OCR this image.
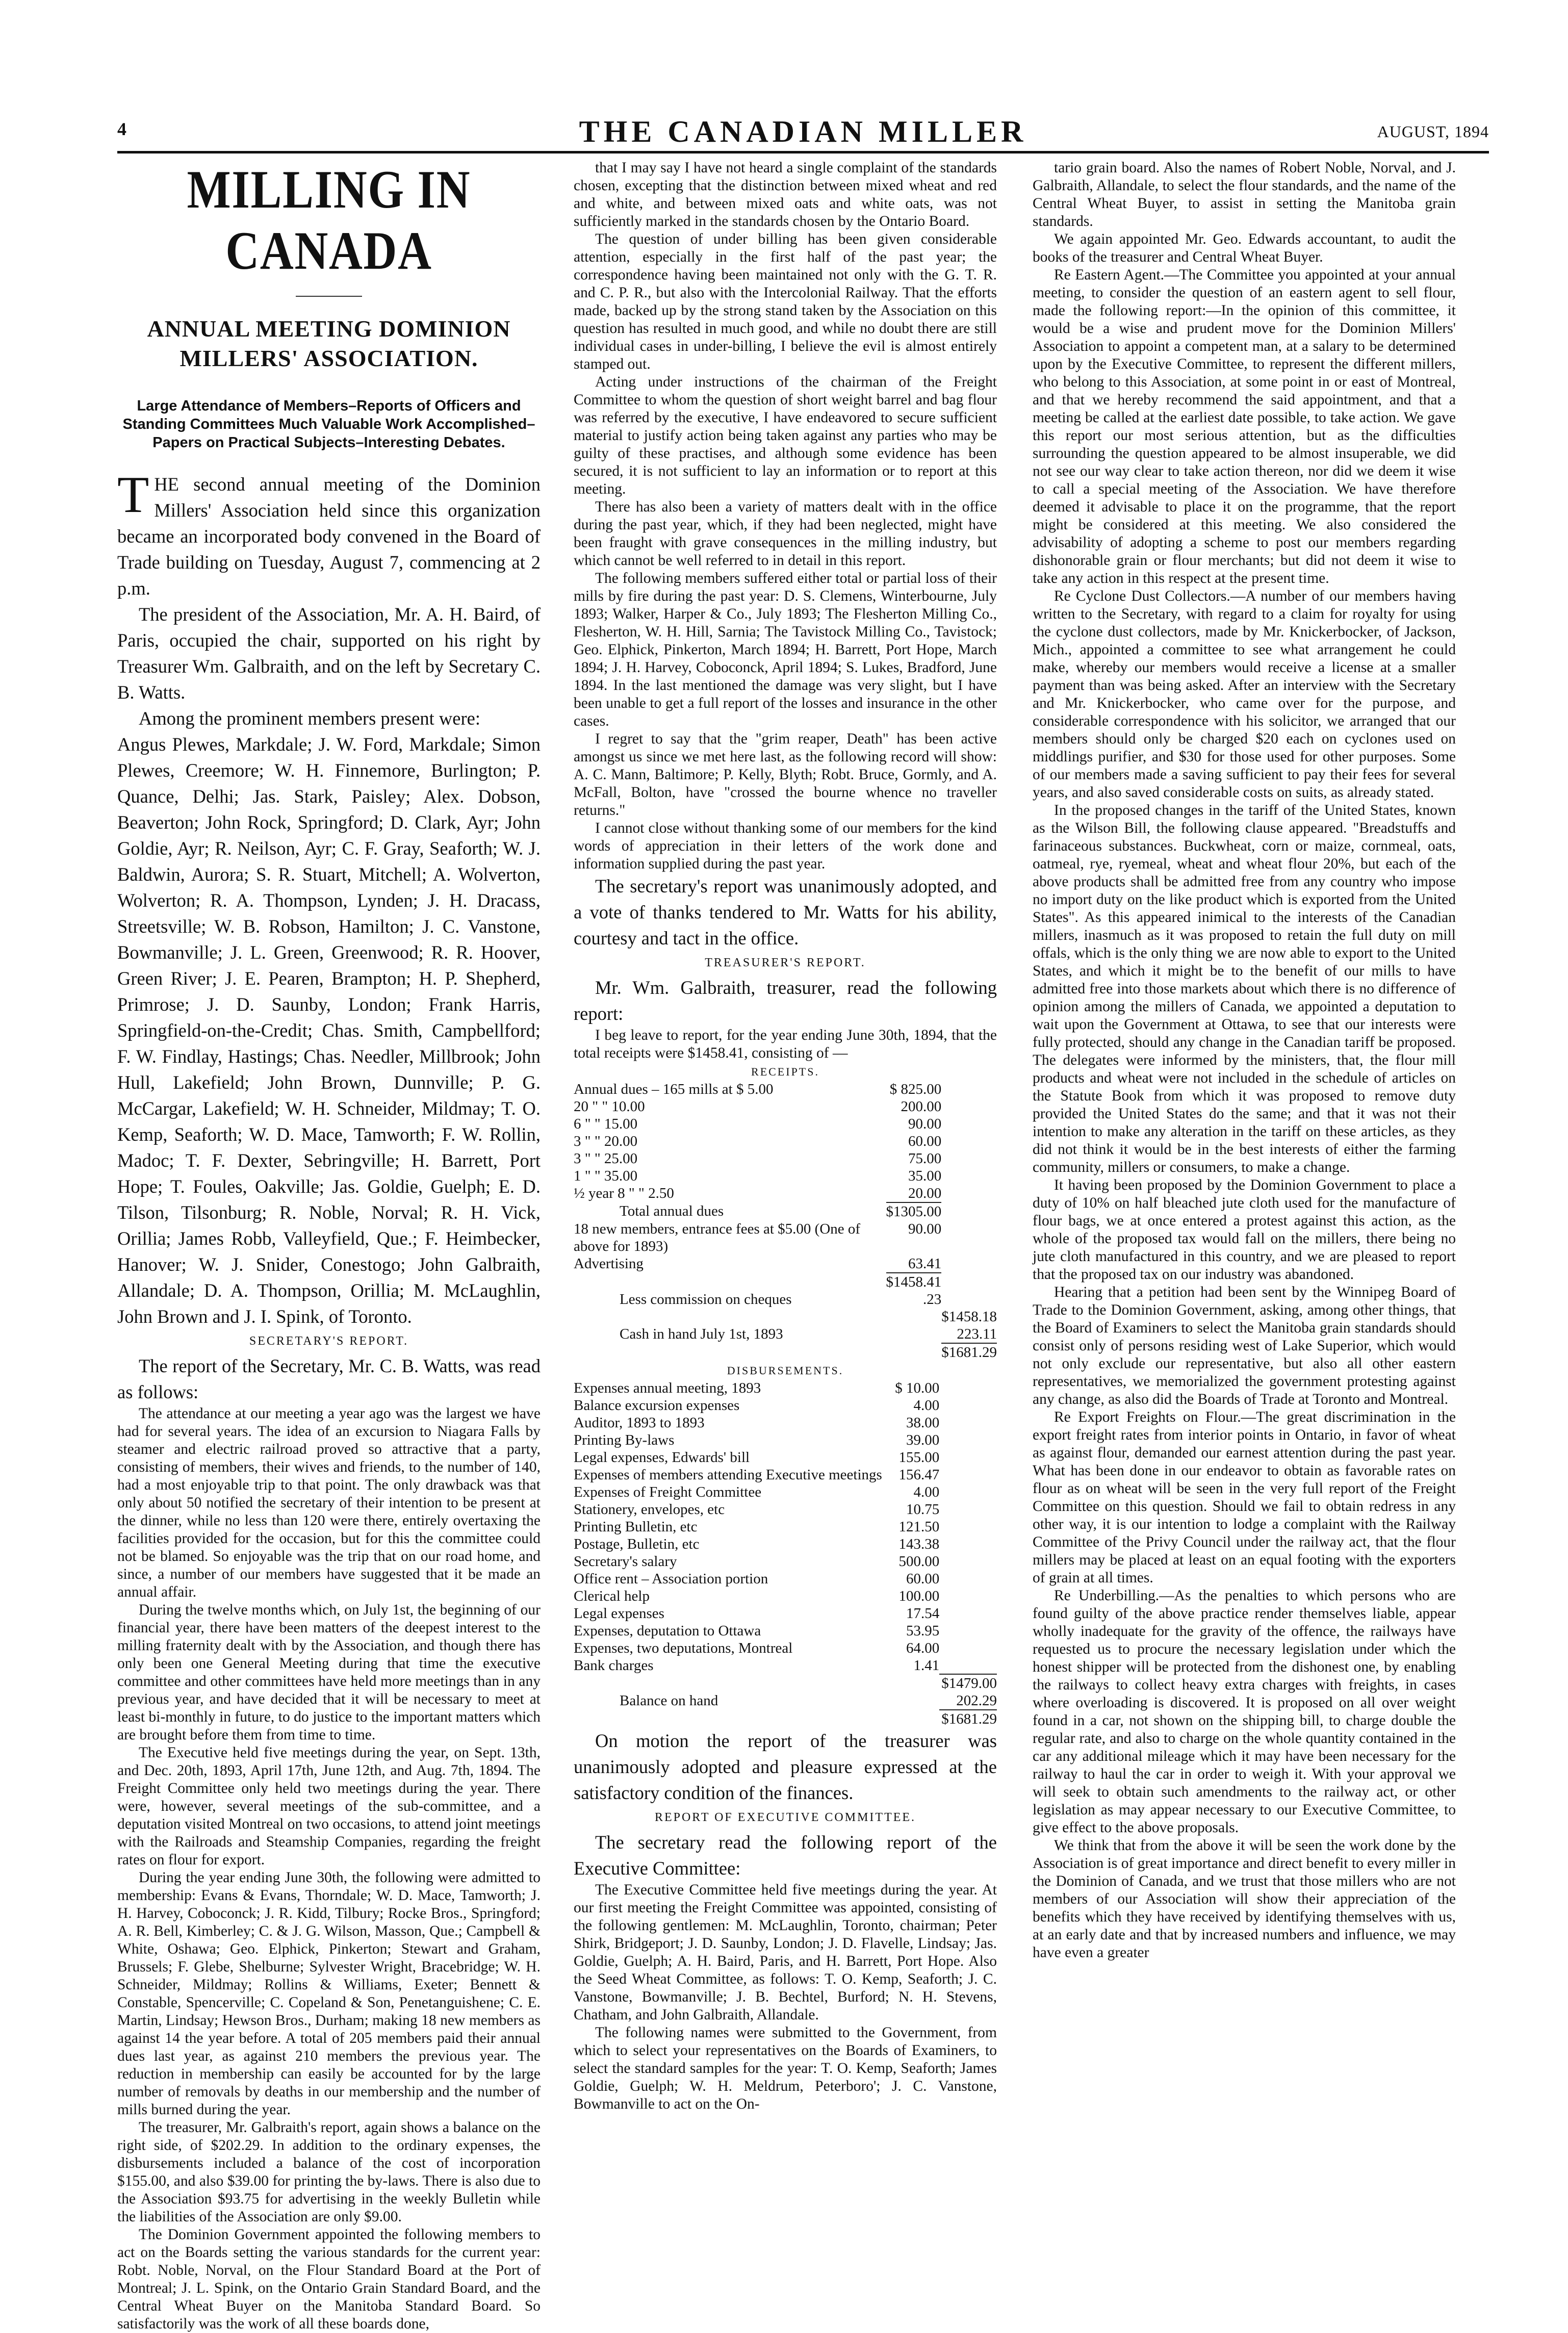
4	THE CANADIAN MILLER	AUGUST, 1894
MILLING IN CANADA
ANNUAL MEETING DOMINION MILLERS' ASSOCIATION.

Large Attendance of Members–Reports of Officers and Standing Committees Much Valuable Work Accomplished–Papers on Practical Subjects–Interesting Debates.

THE second annual meeting of the Dominion Millers' Association held since this organization became an incorporated body convened in the Board of Trade building on Tuesday, August 7, commencing at 2 p.m.

The president of the Association, Mr. A. H. Baird, of Paris, occupied the chair, supported on his right by Treasurer Wm. Galbraith, and on the left by Secretary C. B. Watts.

Among the prominent members present were:

Angus Plewes, Markdale; J. W. Ford, Markdale; Simon Plewes, Creemore; W. H. Finnemore, Burlington; P. Quance, Delhi; Jas. Stark, Paisley; Alex. Dobson, Beaverton; John Rock, Springford; D. Clark, Ayr; John Goldie, Ayr; R. Neilson, Ayr; C. F. Gray, Seaforth; W. J. Baldwin, Aurora; S. R. Stuart, Mitchell; A. Wolverton, Wolverton; R. A. Thompson, Lynden; J. H. Dracass, Streetsville; W. B. Robson, Hamilton; J. C. Vanstone, Bowmanville; J. L. Green, Greenwood; R. R. Hoover, Green River; J. E. Pearen, Brampton; H. P. Shepherd, Primrose; J. D. Saunby, London; Frank Harris, Springfield-on-the-Credit; Chas. Smith, Campbellford; F. W. Findlay, Hastings; Chas. Needler, Millbrook; John Hull, Lakefield; John Brown, Dunnville; P. G. McCargar, Lakefield; W. H. Schneider, Mildmay; T. O. Kemp, Seaforth; W. D. Mace, Tamworth; F. W. Rollin, Madoc; T. F. Dexter, Sebringville; H. Barrett, Port Hope; T. Foules, Oakville; Jas. Goldie, Guelph; E. D. Tilson, Tilsonburg; R. Noble, Norval; R. H. Vick, Orillia; James Robb, Valleyfield, Que.; F. Heimbecker, Hanover; W. J. Snider, Conestogo; John Galbraith, Allandale; D. A. Thompson, Orillia; M. McLaughlin, John Brown and J. I. Spink, of Toronto.

SECRETARY'S REPORT.

The report of the Secretary, Mr. C. B. Watts, was read as follows:

The attendance at our meeting a year ago was the largest we have had for several years. The idea of an excursion to Niagara Falls by steamer and electric railroad proved so attractive that a party, consisting of members, their wives and friends, to the number of 140, had a most enjoyable trip to that point. The only drawback was that only about 50 notified the secretary of their intention to be present at the dinner, while no less than 120 were there, entirely overtaxing the facilities provided for the occasion, but for this the committee could not be blamed. So enjoyable was the trip that on our road home, and since, a number of our members have suggested that it be made an annual affair.

During the twelve months which, on July 1st, the beginning of our financial year, there have been matters of the deepest interest to the milling fraternity dealt with by the Association, and though there has only been one General Meeting during that time the executive committee and other committees have held more meetings than in any previous year, and have decided that it will be necessary to meet at least bi-monthly in future, to do justice to the important matters which are brought before them from time to time.

The Executive held five meetings during the year, on Sept. 13th, and Dec. 20th, 1893, April 17th, June 12th, and Aug. 7th, 1894. The Freight Committee only held two meetings during the year. There were, however, several meetings of the sub-committee, and a deputation visited Montreal on two occasions, to attend joint meetings with the Railroads and Steamship Companies, regarding the freight rates on flour for export.

During the year ending June 30th, the following were admitted to membership: Evans & Evans, Thorndale; W. D. Mace, Tamworth; J. H. Harvey, Coboconck; J. R. Kidd, Tilbury; Rocke Bros., Springford; A. R. Bell, Kimberley; C. & J. G. Wilson, Masson, Que.; Campbell & White, Oshawa; Geo. Elphick, Pinkerton; Stewart and Graham, Brussels; F. Glebe, Shelburne; Sylvester Wright, Bracebridge; W. H. Schneider, Mildmay; Rollins & Williams, Exeter; Bennett & Constable, Spencerville; C. Copeland & Son, Penetanguishene; C. E. Martin, Lindsay; Hewson Bros., Durham; making 18 new members as against 14 the year before. A total of 205 members paid their annual dues last year, as against 210 members the previous year. The reduction in membership can easily be accounted for by the large number of removals by deaths in our membership and the number of mills burned during the year.

The treasurer, Mr. Galbraith's report, again shows a balance on the right side, of $202.29. In addition to the ordinary expenses, the disbursements included a balance of the cost of incorporation $155.00, and also $39.00 for printing the by-laws. There is also due to the Association $93.75 for advertising in the weekly Bulletin while the liabilities of the Association are only $9.00.

The Dominion Government appointed the following members to act on the Boards setting the various standards for the current year: Robt. Noble, Norval, on the Flour Standard Board at the Port of Montreal; J. L. Spink, on the Ontario Grain Standard Board, and the Central Wheat Buyer on the Manitoba Standard Board. So satisfactorily was the work of all these boards done,

that I may say I have not heard a single complaint of the standards chosen, excepting that the distinction between mixed wheat and red and white, and between mixed oats and white oats, was not sufficiently marked in the standards chosen by the Ontario Board.

The question of under billing has been given considerable attention, especially in the first half of the past year; the correspondence having been maintained not only with the G. T. R. and C. P. R., but also with the Intercolonial Railway. That the efforts made, backed up by the strong stand taken by the Association on this question has resulted in much good, and while no doubt there are still individual cases in under-billing, I believe the evil is almost entirely stamped out.

Acting under instructions of the chairman of the Freight Committee to whom the question of short weight barrel and bag flour was referred by the executive, I have endeavored to secure sufficient material to justify action being taken against any parties who may be guilty of these practises, and although some evidence has been secured, it is not sufficient to lay an information or to report at this meeting.

There has also been a variety of matters dealt with in the office during the past year, which, if they had been neglected, might have been fraught with grave consequences in the milling industry, but which cannot be well referred to in detail in this report.

The following members suffered either total or partial loss of their mills by fire during the past year: D. S. Clemens, Winterbourne, July 1893; Walker, Harper & Co., July 1893; The Flesherton Milling Co., Flesherton, W. H. Hill, Sarnia; The Tavistock Milling Co., Tavistock; Geo. Elphick, Pinkerton, March 1894; H. Barrett, Port Hope, March 1894; J. H. Harvey, Coboconck, April 1894; S. Lukes, Bradford, June 1894. In the last mentioned the damage was very slight, but I have been unable to get a full report of the losses and insurance in the other cases.

I regret to say that the "grim reaper, Death" has been active amongst us since we met here last, as the following record will show: A. C. Mann, Baltimore; P. Kelly, Blyth; Robt. Bruce, Gormly, and A. McFall, Bolton, have "crossed the bourne whence no traveller returns."

I cannot close without thanking some of our members for the kind words of appreciation in their letters of the work done and information supplied during the past year.

The secretary's report was unanimously adopted, and a vote of thanks tendered to Mr. Watts for his ability, courtesy and tact in the office.

TREASURER'S REPORT.

Mr. Wm. Galbraith, treasurer, read the following report:

I beg leave to report, for the year ending June 30th, 1894, that the total receipts were $1458.41, consisting of —

RECEIPTS.
Annual dues – 165 mills at $ 5.00	$ 825.00	
20 " " 10.00	200.00	
6 " " 15.00	90.00	
3 " " 20.00	60.00	
3 " " 25.00	75.00	
1 " " 35.00	35.00	
½ year 8 " " 2.50	20.00	
Total annual dues	$1305.00	
18 new members, entrance fees at $5.00 (One of above for 1893)	90.00	
Advertising	63.41	
	$1458.41	
Less commission on cheques	.23	
		$1458.18
Cash in hand July 1st, 1893		223.11
		$1681.29
DISBURSEMENTS.
Expenses annual meeting, 1893	$ 10.00	
Balance excursion expenses	4.00	
Auditor, 1893 to 1893	38.00	
Printing By-laws	39.00	
Legal expenses, Edwards' bill	155.00	
Expenses of members attending Executive meetings	156.47	
Expenses of Freight Committee	4.00	
Stationery, envelopes, etc	10.75	
Printing Bulletin, etc	121.50	
Postage, Bulletin, etc	143.38	
Secretary's salary	500.00	
Office rent – Association portion	60.00	
Clerical help	100.00	
Legal expenses	17.54	
Expenses, deputation to Ottawa	53.95	
Expenses, two deputations, Montreal	64.00	
Bank charges	1.41	
		$1479.00
Balance on hand		202.29
		$1681.29

On motion the report of the treasurer was unanimously adopted and pleasure expressed at the satisfactory condition of the finances.

REPORT OF EXECUTIVE COMMITTEE.

The secretary read the following report of the Executive Committee:

The Executive Committee held five meetings during the year. At our first meeting the Freight Committee was appointed, consisting of the following gentlemen: M. McLaughlin, Toronto, chairman; Peter Shirk, Bridgeport; J. D. Saunby, London; J. D. Flavelle, Lindsay; Jas. Goldie, Guelph; A. H. Baird, Paris, and H. Barrett, Port Hope. Also the Seed Wheat Committee, as follows: T. O. Kemp, Seaforth; J. C. Vanstone, Bowmanville; J. B. Bechtel, Burford; N. H. Stevens, Chatham, and John Galbraith, Allandale.

The following names were submitted to the Government, from which to select your representatives on the Boards of Examiners, to select the standard samples for the year: T. O. Kemp, Seaforth; James Goldie, Guelph; W. H. Meldrum, Peterboro'; J. C. Vanstone, Bowmanville to act on the On-

tario grain board. Also the names of Robert Noble, Norval, and J. Galbraith, Allandale, to select the flour standards, and the name of the Central Wheat Buyer, to assist in setting the Manitoba grain standards.

We again appointed Mr. Geo. Edwards accountant, to audit the books of the treasurer and Central Wheat Buyer.

Re Eastern Agent.—The Committee you appointed at your annual meeting, to consider the question of an eastern agent to sell flour, made the following report:—In the opinion of this committee, it would be a wise and prudent move for the Dominion Millers' Association to appoint a competent man, at a salary to be determined upon by the Executive Committee, to represent the different millers, who belong to this Association, at some point in or east of Montreal, and that we hereby recommend the said appointment, and that a meeting be called at the earliest date possible, to take action. We gave this report our most serious attention, but as the difficulties surrounding the question appeared to be almost insuperable, we did not see our way clear to take action thereon, nor did we deem it wise to call a special meeting of the Association. We have therefore deemed it advisable to place it on the programme, that the report might be considered at this meeting. We also considered the advisability of adopting a scheme to post our members regarding dishonorable grain or flour merchants; but did not deem it wise to take any action in this respect at the present time.

Re Cyclone Dust Collectors.—A number of our members having written to the Secretary, with regard to a claim for royalty for using the cyclone dust collectors, made by Mr. Knickerbocker, of Jackson, Mich., appointed a committee to see what arrangement he could make, whereby our members would receive a license at a smaller payment than was being asked. After an interview with the Secretary and Mr. Knickerbocker, who came over for the purpose, and considerable correspondence with his solicitor, we arranged that our members should only be charged $20 each on cyclones used on middlings purifier, and $30 for those used for other purposes. Some of our members made a saving sufficient to pay their fees for several years, and also saved considerable costs on suits, as already stated.

In the proposed changes in the tariff of the United States, known as the Wilson Bill, the following clause appeared. "Breadstuffs and farinaceous substances. Buckwheat, corn or maize, cornmeal, oats, oatmeal, rye, ryemeal, wheat and wheat flour 20%, but each of the above products shall be admitted free from any country who impose no import duty on the like product which is exported from the United States". As this appeared inimical to the interests of the Canadian millers, inasmuch as it was proposed to retain the full duty on mill offals, which is the only thing we are now able to export to the United States, and which it might be to the benefit of our mills to have admitted free into those markets about which there is no difference of opinion among the millers of Canada, we appointed a deputation to wait upon the Government at Ottawa, to see that our interests were fully protected, should any change in the Canadian tariff be proposed. The delegates were informed by the ministers, that, the flour mill products and wheat were not included in the schedule of articles on the Statute Book from which it was proposed to remove duty provided the United States do the same; and that it was not their intention to make any alteration in the tariff on these articles, as they did not think it would be in the best interests of either the farming community, millers or consumers, to make a change.

It having been proposed by the Dominion Government to place a duty of 10% on half bleached jute cloth used for the manufacture of flour bags, we at once entered a protest against this action, as the whole of the proposed tax would fall on the millers, there being no jute cloth manufactured in this country, and we are pleased to report that the proposed tax on our industry was abandoned.

Hearing that a petition had been sent by the Winnipeg Board of Trade to the Dominion Government, asking, among other things, that the Board of Examiners to select the Manitoba grain standards should consist only of persons residing west of Lake Superior, which would not only exclude our representative, but also all other eastern representatives, we memorialized the government protesting against any change, as also did the Boards of Trade at Toronto and Montreal.

Re Export Freights on Flour.—The great discrimination in the export freight rates from interior points in Ontario, in favor of wheat as against flour, demanded our earnest attention during the past year. What has been done in our endeavor to obtain as favorable rates on flour as on wheat will be seen in the very full report of the Freight Committee on this question. Should we fail to obtain redress in any other way, it is our intention to lodge a complaint with the Railway Committee of the Privy Council under the railway act, that the flour millers may be placed at least on an equal footing with the exporters of grain at all times.

Re Underbilling.—As the penalties to which persons who are found guilty of the above practice render themselves liable, appear wholly inadequate for the gravity of the offence, the railways have requested us to procure the necessary legislation under which the honest shipper will be protected from the dishonest one, by enabling the railways to collect heavy extra charges with freights, in cases where overloading is discovered. It is proposed on all over weight found in a car, not shown on the shipping bill, to charge double the regular rate, and also to charge on the whole quantity contained in the car any additional mileage which it may have been necessary for the railway to haul the car in order to weigh it. With your approval we will seek to obtain such amendments to the railway act, or other legislation as may appear necessary to our Executive Committee, to give effect to the above proposals.

We think that from the above it will be seen the work done by the Association is of great importance and direct benefit to every miller in the Dominion of Canada, and we trust that those millers who are not members of our Association will show their appreciation of the benefits which they have received by identifying themselves with us, at an early date and that by increased numbers and influence, we may have even a greater
